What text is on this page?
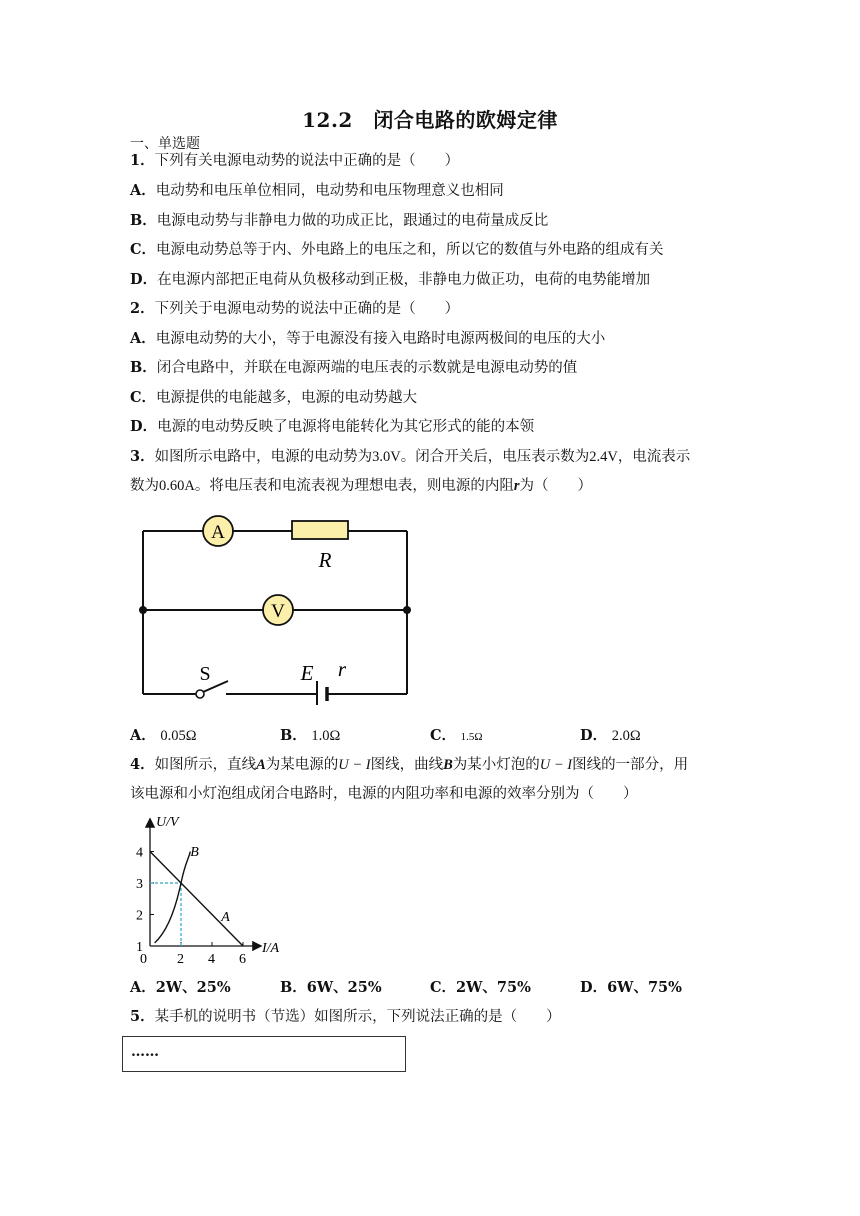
12.2　闭合电路的欧姆定律
一、单选题
1．下列有关电源电动势的说法中正确的是（　　）
A．电动势和电压单位相同，电动势和电压物理意义也相同
B．电源电动势与非静电力做的功成正比，跟通过的电荷量成反比
C．电源电动势总等于内、外电路上的电压之和，所以它的数值与外电路的组成有关
D．在电源内部把正电荷从负极移动到正极，非静电力做正功，电荷的电势能增加
2．下列关于电源电动势的说法中正确的是（　　）
A．电源电动势的大小，等于电源没有接入电路时电源两极间的电压的大小
B．闭合电路中，并联在电源两端的电压表的示数就是电源电动势的值
C．电源提供的电能越多，电源的电动势越大
D．电源的电动势反映了电源将电能转化为其它形式的能的本领
3．如图所示电路中，电源的电动势为3.0V。闭合开关后，电压表示数为2.4V，电流表示
数为0.60A。将电压表和电流表视为理想电表，则电源的内阻r为（　　）
A
R
V
S	E r
A． 0.05Ω	B． 1.0Ω	C． 1.5Ω	D． 2.0Ω
4．如图所示，直线A为某电源的U − I图线，曲线B为某小灯泡的U − I图线的一部分，用
该电源和小灯泡组成闭合电路时，电源的内阻功率和电源的效率分别为（　　）
U/V
I/A
4
3
2
1
0 2 4 6
A
B
A．2W、25%	B．6W、25%	C．2W、75%	D．6W、75%
5．某手机的说明书（节选）如图所示，下列说法正确的是（　　）
……
